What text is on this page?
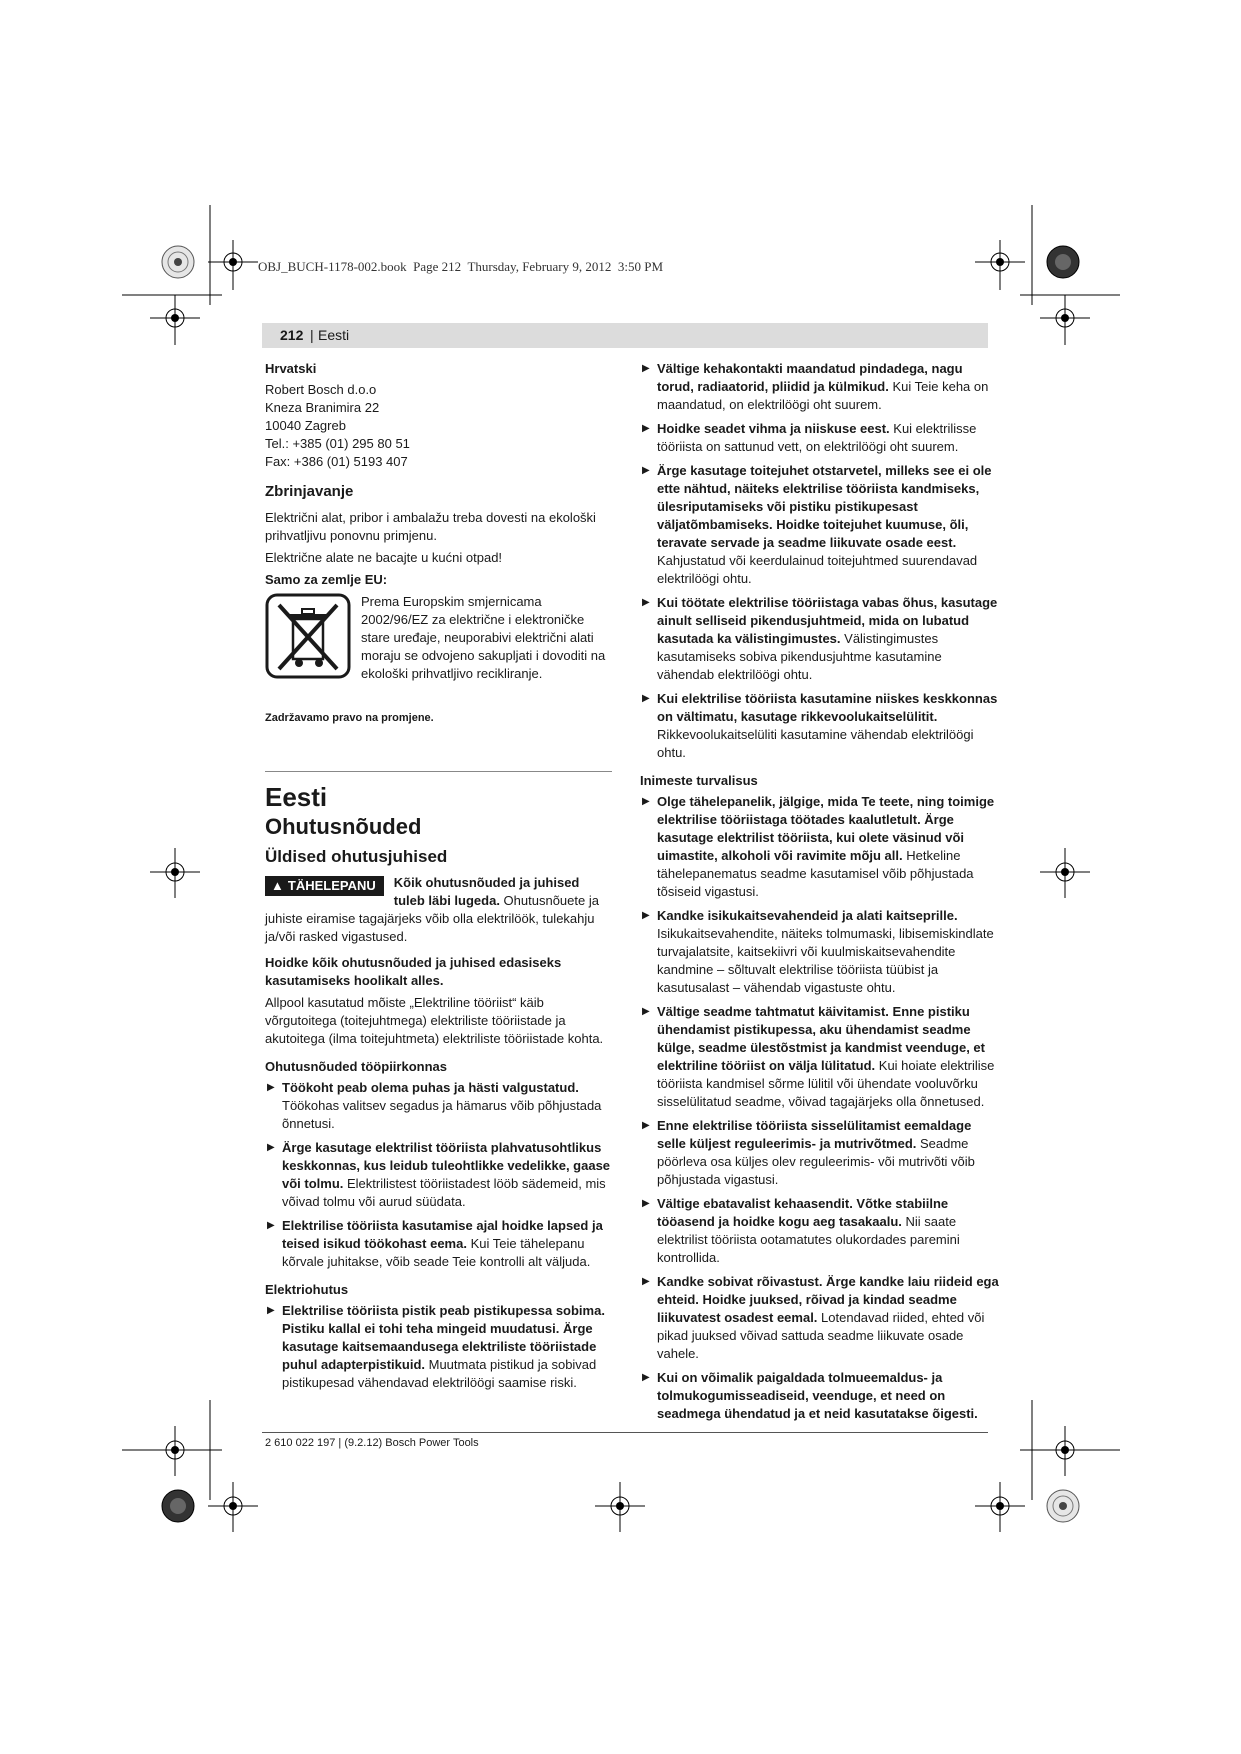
OBJ_BUCH-1178-002.book  Page 212  Thursday, February 9, 2012  3:50 PM
212 | Eesti
Hrvatski
Robert Bosch d.o.o
Kneza Branimira 22
10040 Zagreb
Tel.: +385 (01) 295 80 51
Fax: +386 (01) 5193 407
Zbrinjavanje

Električni alat, pribor i ambalažu treba dovesti na ekološki prihvatljivu ponovnu primjenu.

Električne alate ne bacajte u kućni otpad!

Samo za zemlje EU:
Prema Europskim smjernicama 2002/96/EZ za električne i elektroničke stare uređaje, neuporabivi električni alati moraju se odvojeno sakupljati i dovoditi na ekološki prihvatljivo recikliranje.

Zadržavamo pravo na promjene.

Eesti
Ohutusnõuded
Üldised ohutusjuhised
▲ TÄHELEPANU	Kõik ohutusnõuded ja juhised tuleb läbi lugeda. Ohutusnõuete ja juhiste eiramise tagajärjeks võib olla elektrilöök, tulekahju ja/või rasked vigastused.

Hoidke kõik ohutusnõuded ja juhised edasiseks kasutamiseks hoolikalt alles.

Allpool kasutatud mõiste „Elektriline tööriist“ käib võrgutoitega (toitejuhtmega) elektriliste tööriistade ja akutoitega (ilma toitejuhtmeta) elektriliste tööriistade kohta.

Ohutusnõuded tööpiirkonnas
▶ Töökoht peab olema puhas ja hästi valgustatud. Töökohas valitsev segadus ja hämarus võib põhjustada õnnetusi.
▶ Ärge kasutage elektrilist tööriista plahvatusohtlikus keskkonnas, kus leidub tuleohtlikke vedelikke, gaase või tolmu. Elektrilistest tööriistadest lööb sädemeid, mis võivad tolmu või aurud süüdata.
▶ Elektrilise tööriista kasutamise ajal hoidke lapsed ja teised isikud töökohast eema. Kui Teie tähelepanu kõrvale juhitakse, võib seade Teie kontrolli alt väljuda.
Elektriohutus
▶ Elektrilise tööriista pistik peab pistikupessa sobima. Pistiku kallal ei tohi teha mingeid muudatusi. Ärge kasutage kaitsemaandusega elektriliste tööriistade puhul adapterpistikuid. Muutmata pistikud ja sobivad pistikupesad vähendavad elektrilöögi saamise riski.
▶ Vältige kehakontakti maandatud pindadega, nagu torud, radiaatorid, pliidid ja külmikud. Kui Teie keha on maandatud, on elektrilöögi oht suurem.
▶ Hoidke seadet vihma ja niiskuse eest. Kui elektrilisse tööriista on sattunud vett, on elektrilöögi oht suurem.
▶ Ärge kasutage toitejuhet otstarvetel, milleks see ei ole ette nähtud, näiteks elektrilise tööriista kandmiseks, ülesriputamiseks või pistiku pistikupesast väljatõmbamiseks. Hoidke toitejuhet kuumuse, õli, teravate servade ja seadme liikuvate osade eest. Kahjustatud või keerdulainud toitejuhtmed suurendavad elektrilöögi ohtu.
▶ Kui töötate elektrilise tööriistaga vabas õhus, kasutage ainult selliseid pikendusjuhtmeid, mida on lubatud kasutada ka välistingimustes. Välistingimustes kasutamiseks sobiva pikendusjuhtme kasutamine vähendab elektrilöögi ohtu.
▶ Kui elektrilise tööriista kasutamine niiskes keskkonnas on vältimatu, kasutage rikkevoolukaitselülitit. Rikkevoolukaitselüliti kasutamine vähendab elektrilöögi ohtu.
Inimeste turvalisus
▶ Olge tähelepanelik, jälgige, mida Te teete, ning toimige elektrilise tööriistaga töötades kaalutletult. Ärge kasutage elektrilist tööriista, kui olete väsinud või uimastite, alkoholi või ravimite mõju all. Hetkeline tähelepanematus seadme kasutamisel võib põhjustada tõsiseid vigastusi.
▶ Kandke isikukaitsevahendeid ja alati kaitseprille. Isikukaitsevahendite, näiteks tolmumaski, libisemiskindlate turvajalatsite, kaitsekiivri või kuulmiskaitsevahendite kandmine – sõltuvalt elektrilise tööriista tüübist ja kasutusalast – vähendab vigastuste ohtu.
▶ Vältige seadme tahtmatut käivitamist. Enne pistiku ühendamist pistikupessa, aku ühendamist seadme külge, seadme ülestõstmist ja kandmist veenduge, et elektriline tööriist on välja lülitatud. Kui hoiate elektrilise tööriista kandmisel sõrme lülitil või ühendate vooluvõrku sisselülitatud seadme, võivad tagajärjeks olla õnnetused.
▶ Enne elektrilise tööriista sisselülitamist eemaldage selle küljest reguleerimis- ja mutrivõtmed. Seadme pöörleva osa küljes olev reguleerimis- või mutrivõti võib põhjustada vigastusi.
▶ Vältige ebatavalist kehaasendit. Võtke stabiilne tööasend ja hoidke kogu aeg tasakaalu. Nii saate elektrilist tööriista ootamatutes olukordades paremini kontrollida.
▶ Kandke sobivat rõivastust. Ärge kandke laiu riideid ega ehteid. Hoidke juuksed, rõivad ja kindad seadme liikuvatest osadest eemal. Lotendavad riided, ehted või pikad juuksed võivad sattuda seadme liikuvate osade vahele.
▶ Kui on võimalik paigaldada tolmueemaldus- ja tolmukogumisseadiseid, veenduge, et need on seadmega ühendatud ja et neid kasutatakse õigesti.
2 610 022 197 | (9.2.12) Bosch Power Tools
